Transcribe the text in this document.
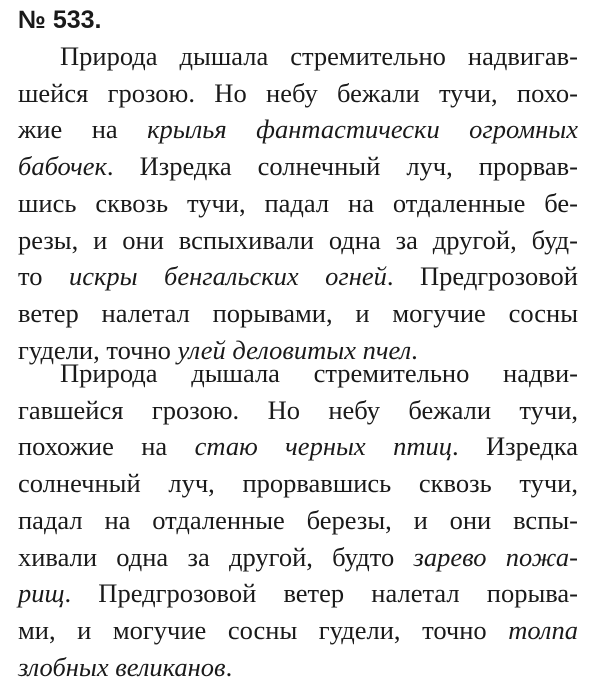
№ 533.
Природа дышала стремительно надвигав-
шейся грозою. Но небу бежали тучи, похо-
жие на крылья фантастически огромных
бабочек. Изредка солнечный луч, прорвав-
шись сквозь тучи, падал на отдаленные бе-
резы, и они вспыхивали одна за другой, буд-
то искры бенгальских огней. Предгрозовой
ветер налетал порывами, и могучие сосны
гудели, точно улей деловитых пчел.
Природа дышала стремительно надви-
гавшейся грозою. Но небу бежали тучи,
похожие на стаю черных птиц. Изредка
солнечный луч, прорвавшись сквозь тучи,
падал на отдаленные березы, и они вспы-
хивали одна за другой, будто зарево пожа-
рищ. Предгрозовой ветер налетал порыва-
ми, и могучие сосны гудели, точно толпа
злобных великанов.
